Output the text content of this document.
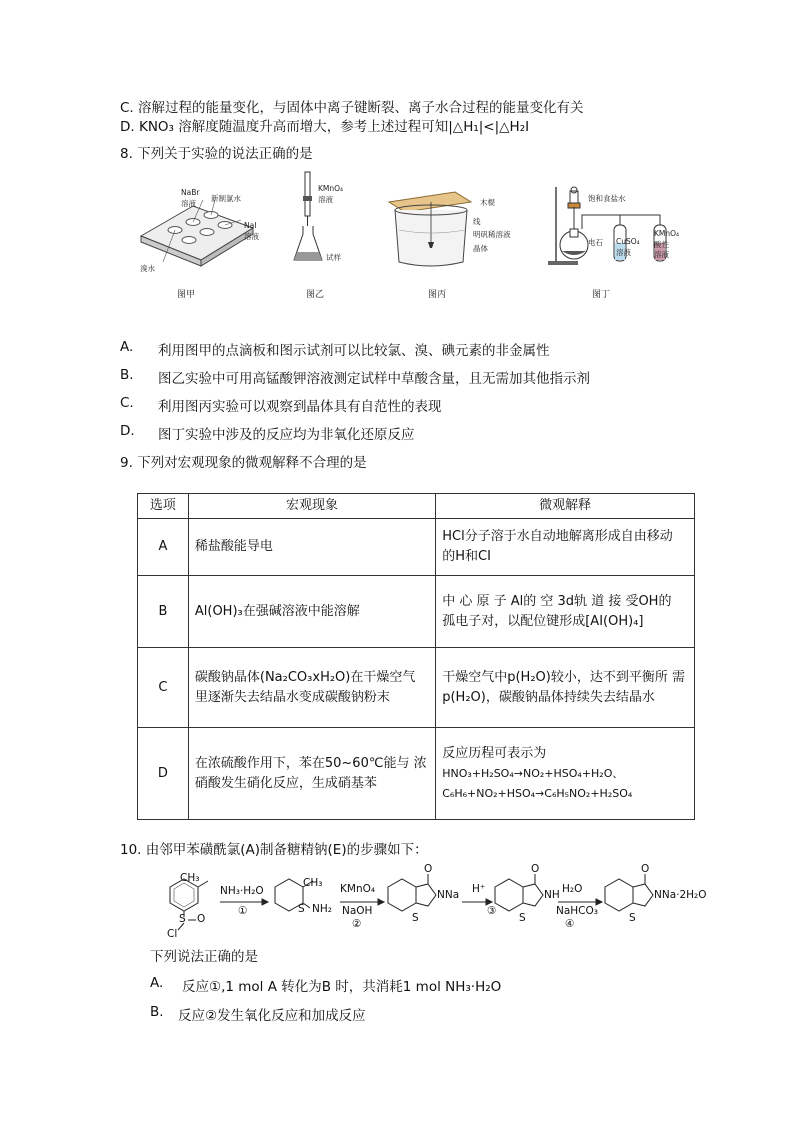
C. 溶解过程的能量变化，与固体中离子键断裂、离子水合过程的能量变化有关
D. KNO₃ 溶解度随温度升高而增大，参考上述过程可知|△H₁|<|△H₂I
8. 下列关于实验的说法正确的是
NaBr
溶液
新制氯水
NaI
溶液
溴水
图甲
KMnO₄
溶液
试样
图乙
木棍
线
明矾稀溶液
晶体
图丙
饱和食盐水
电石 CuSO₄
溶液
KMnO₄
酸性
溶液
图丁
A. 利用图甲的点滴板和图示试剂可以比较氯、溴、碘元素的非金属性
B. 图乙实验中可用高锰酸钾溶液测定试样中草酸含量，且无需加其他指示剂
C. 利用图丙实验可以观察到晶体具有自范性的表现
D. 图丁实验中涉及的反应均为非氧化还原反应
9. 下列对宏观现象的微观解释不合理的是
选项	宏观现象	微观解释
A	稀盐酸能导电	HCl分子溶于水自动地解离形成自由移动 的H和CI
B	Al(OH)₃在强碱溶液中能溶解	中 心 原 子 Al的 空 3d轨 道 接 受OH的 孤电子对，以配位键形成[AI(OH)₄]
C	碳酸钠晶体(Na₂CO₃xH₂O)在干燥空气 里逐渐失去结晶水变成碳酸钠粉末	干燥空气中p(H₂O)较小，达不到平衡所 需p(H₂O)，碳酸钠晶体持续失去结晶水
D	在浓硫酸作用下，苯在50~60℃能与 浓硝酸发生硝化反应，生成硝基苯	反应历程可表示为
HNO₃+H₂SO₄→NO₂+HSO₄+H₂O、
C₆H₆+NO₂+HSO₄→C₆H₅NO₂+H₂SO₄
10. 由邻甲苯磺酰氯(A)制备糖精钠(E)的步骤如下：
CH₃
S O
Cl
NH₃·H₂O
①
CH₃
S NH₂
KMnO₄
NaOH
②
O
NNa
S
H⁺
③
O
NH
S
H₂O
NaHCO₃
④
O
NNa·2H₂O
S
下列说法正确的是
A. 反应①,1 mol A 转化为B 时，共消耗1 mol NH₃·H₂O
B. 反应②发生氧化反应和加成反应
